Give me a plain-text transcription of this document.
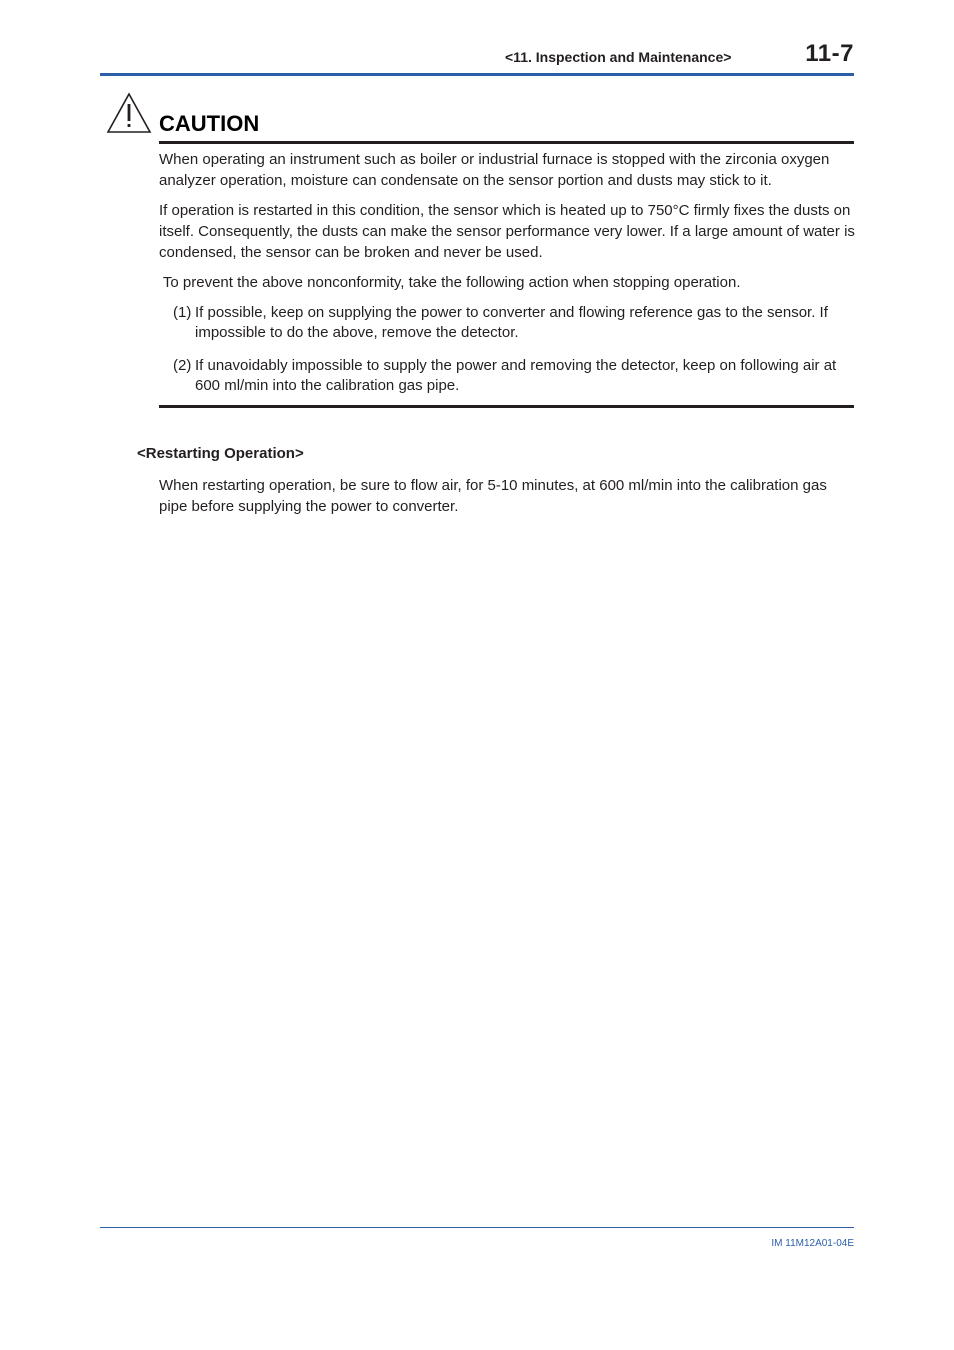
<11. Inspection and Maintenance>	11-7
CAUTION

When operating an instrument such as boiler or industrial furnace is stopped with the zirconia oxygen analyzer operation, moisture can condensate on the sensor portion and dusts may stick to it.

If operation is restarted in this condition, the sensor which is heated up to 750°C firmly fixes the dusts on itself. Consequently, the dusts can make the sensor performance very lower. If a large amount of water is condensed, the sensor can be broken and never be used.

To prevent the above nonconformity, take the following action when stopping operation.

(1) If possible, keep on supplying the power to converter and flowing reference gas to the sensor. If impossible to do the above, remove the detector.
(2) If unavoidably impossible to supply the power and removing the detector, keep on following air at 600 ml/min into the calibration gas pipe.
<Restarting Operation>

When restarting operation, be sure to flow air, for 5-10 minutes, at 600 ml/min into the calibration gas pipe before supplying the power to converter.

IM 11M12A01-04E
